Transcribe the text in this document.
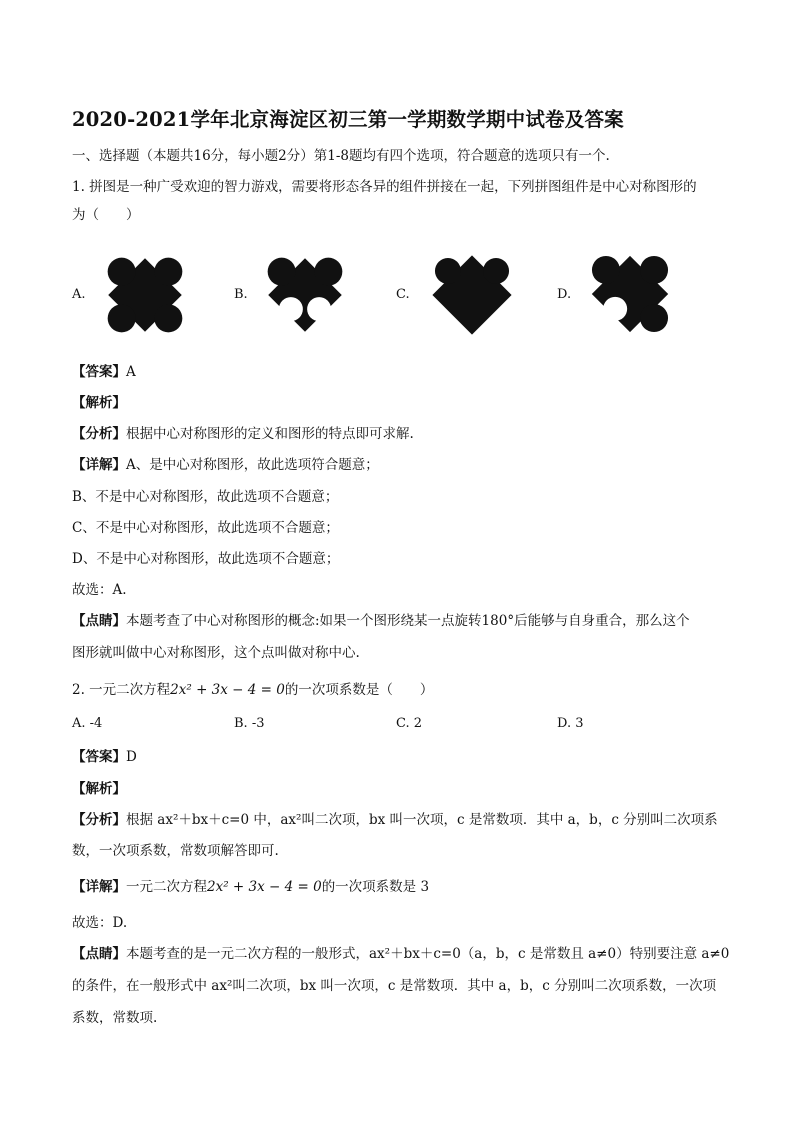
2020-2021学年北京海淀区初三第一学期数学期中试卷及答案
一、选择题（本题共16分，每小题2分）第1-8题均有四个选项，符合题意的选项只有一个.
1. 拼图是一种广受欢迎的智力游戏，需要将形态各异的组件拼接在一起，下列拼图组件是中心对称图形的
为（　　）
A.	B.	C.	D.
【答案】A
【解析】
【分析】根据中心对称图形的定义和图形的特点即可求解.
【详解】A、是中心对称图形，故此选项符合题意；
B、不是中心对称图形，故此选项不合题意；
C、不是中心对称图形，故此选项不合题意；
D、不是中心对称图形，故此选项不合题意；
故选：A.
【点睛】本题考查了中心对称图形的概念:如果一个图形绕某一点旋转180°后能够与自身重合，那么这个
图形就叫做中心对称图形，这个点叫做对称中心.
2. 一元二次方程2x² + 3x − 4 = 0的一次项系数是（　　）
A. -4	B. -3	C. 2	D. 3
【答案】D
【解析】
【分析】根据 ax²＋bx＋c=0 中，ax²叫二次项，bx 叫一次项，c 是常数项．其中 a，b，c 分别叫二次项系
数，一次项系数，常数项解答即可.
【详解】一元二次方程2x² + 3x − 4 = 0的一次项系数是 3
故选：D.
【点睛】本题考查的是一元二次方程的一般形式，ax²＋bx＋c=0（a，b，c 是常数且 a≠0）特别要注意 a≠0
的条件，在一般形式中 ax²叫二次项，bx 叫一次项，c 是常数项．其中 a，b，c 分别叫二次项系数，一次项
系数，常数项.
